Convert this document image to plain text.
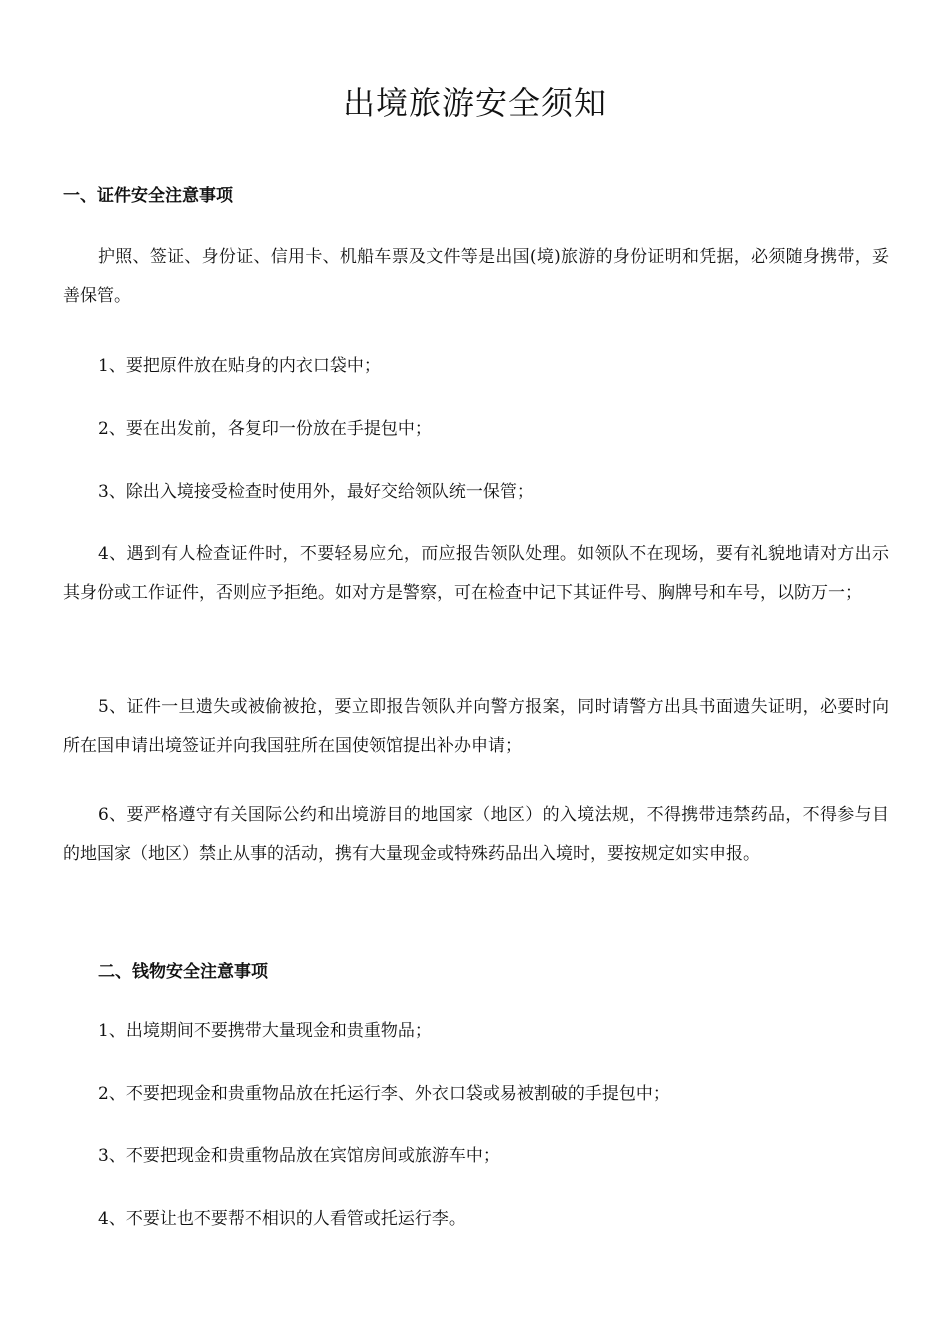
出境旅游安全须知
一、证件安全注意事项

护照、签证、身份证、信用卡、机船车票及文件等是出国(境)旅游的身份证明和凭据，必须随身携带，妥善保管。

1、要把原件放在贴身的内衣口袋中；

2、要在出发前，各复印一份放在手提包中；

3、除出入境接受检查时使用外，最好交给领队统一保管；

4、遇到有人检查证件时，不要轻易应允，而应报告领队处理。如领队不在现场，要有礼貌地请对方出示其身份或工作证件，否则应予拒绝。如对方是警察，可在检查中记下其证件号、胸牌号和车号，以防万一；

5、证件一旦遗失或被偷被抢，要立即报告领队并向警方报案，同时请警方出具书面遗失证明，必要时向所在国申请出境签证并向我国驻所在国使领馆提出补办申请；

6、要严格遵守有关国际公约和出境游目的地国家（地区）的入境法规，不得携带违禁药品，不得参与目的地国家（地区）禁止从事的活动，携有大量现金或特殊药品出入境时，要按规定如实申报。

二、钱物安全注意事项

1、出境期间不要携带大量现金和贵重物品；

2、不要把现金和贵重物品放在托运行李、外衣口袋或易被割破的手提包中；

3、不要把现金和贵重物品放在宾馆房间或旅游车中；

4、不要让也不要帮不相识的人看管或托运行李。
